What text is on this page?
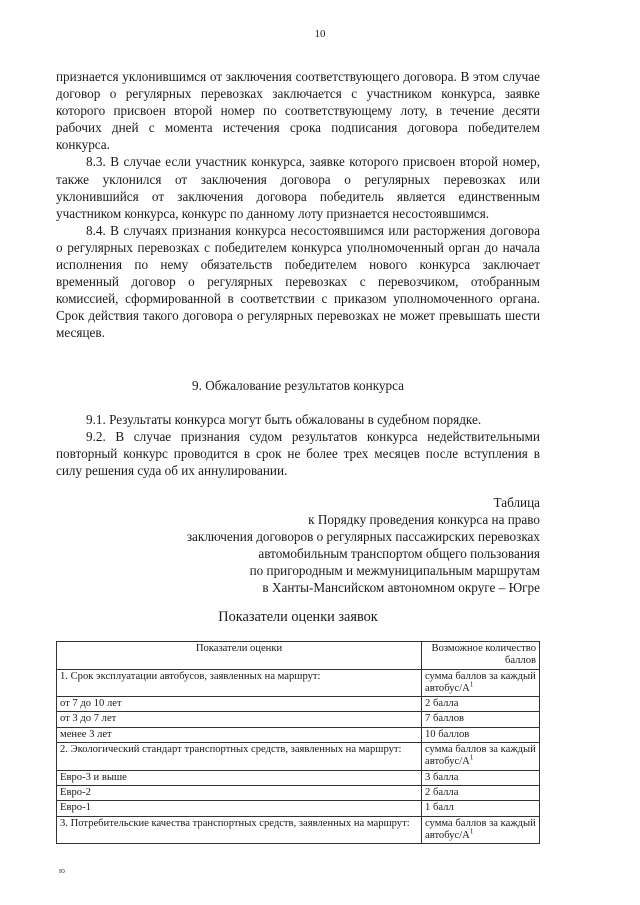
10

признается уклонившимся от заключения соответствующего договора. В этом случае договор о регулярных перевозках заключается с участником конкурса, заявке которого присвоен второй номер по соответствующему лоту, в течение десяти рабочих дней с момента истечения срока подписания договора победителем конкурса.

8.3. В случае если участник конкурса, заявке которого присвоен второй номер, также уклонился от заключения договора о регулярных перевозках или уклонившийся от заключения договора победитель является единственным участником конкурса, конкурс по данному лоту признается несостоявшимся.

8.4. В случаях признания конкурса несостоявшимся или расторжения договора о регулярных перевозках с победителем конкурса уполномоченный орган до начала исполнения по нему обязательств победителем нового конкурса заключает временный договор о регулярных перевозках с перевозчиком, отобранным комиссией, сформированной в соответствии с приказом уполномоченного органа. Срок действия такого договора о регулярных перевозках не может превышать шести месяцев.

9. Обжалование результатов конкурса

9.1. Результаты конкурса могут быть обжалованы в судебном порядке.

9.2. В случае признания судом результатов конкурса недействительными повторный конкурс проводится в срок не более трех месяцев после вступления в силу решения суда об их аннулировании.

Таблица
к Порядку проведения конкурса на право
заключения договоров о регулярных пассажирских перевозках
автомобильным транспортом общего пользования
по пригородным и межмуниципальным маршрутам
в Ханты-Мансийском автономном округе – Югре
Показатели оценки заявок
Показатели оценки	Возможное количество баллов
1. Срок эксплуатации автобусов, заявленных на маршрут:	сумма баллов за каждый автобус/$А^1$
от 7 до 10 лет	2 балла
от 3 до 7 лет	7 баллов
менее 3 лет	10 баллов
2. Экологический стандарт транспортных средств, заявленных на маршрут:	сумма баллов за каждый автобус/$А^1$
Евро-3 и выше	3 балла
Евро-2	2 балла
Евро-1	1 балл
3. Потребительские качества транспортных средств, заявленных на маршрут:	сумма баллов за каждый автобус/$А^1$
ю
